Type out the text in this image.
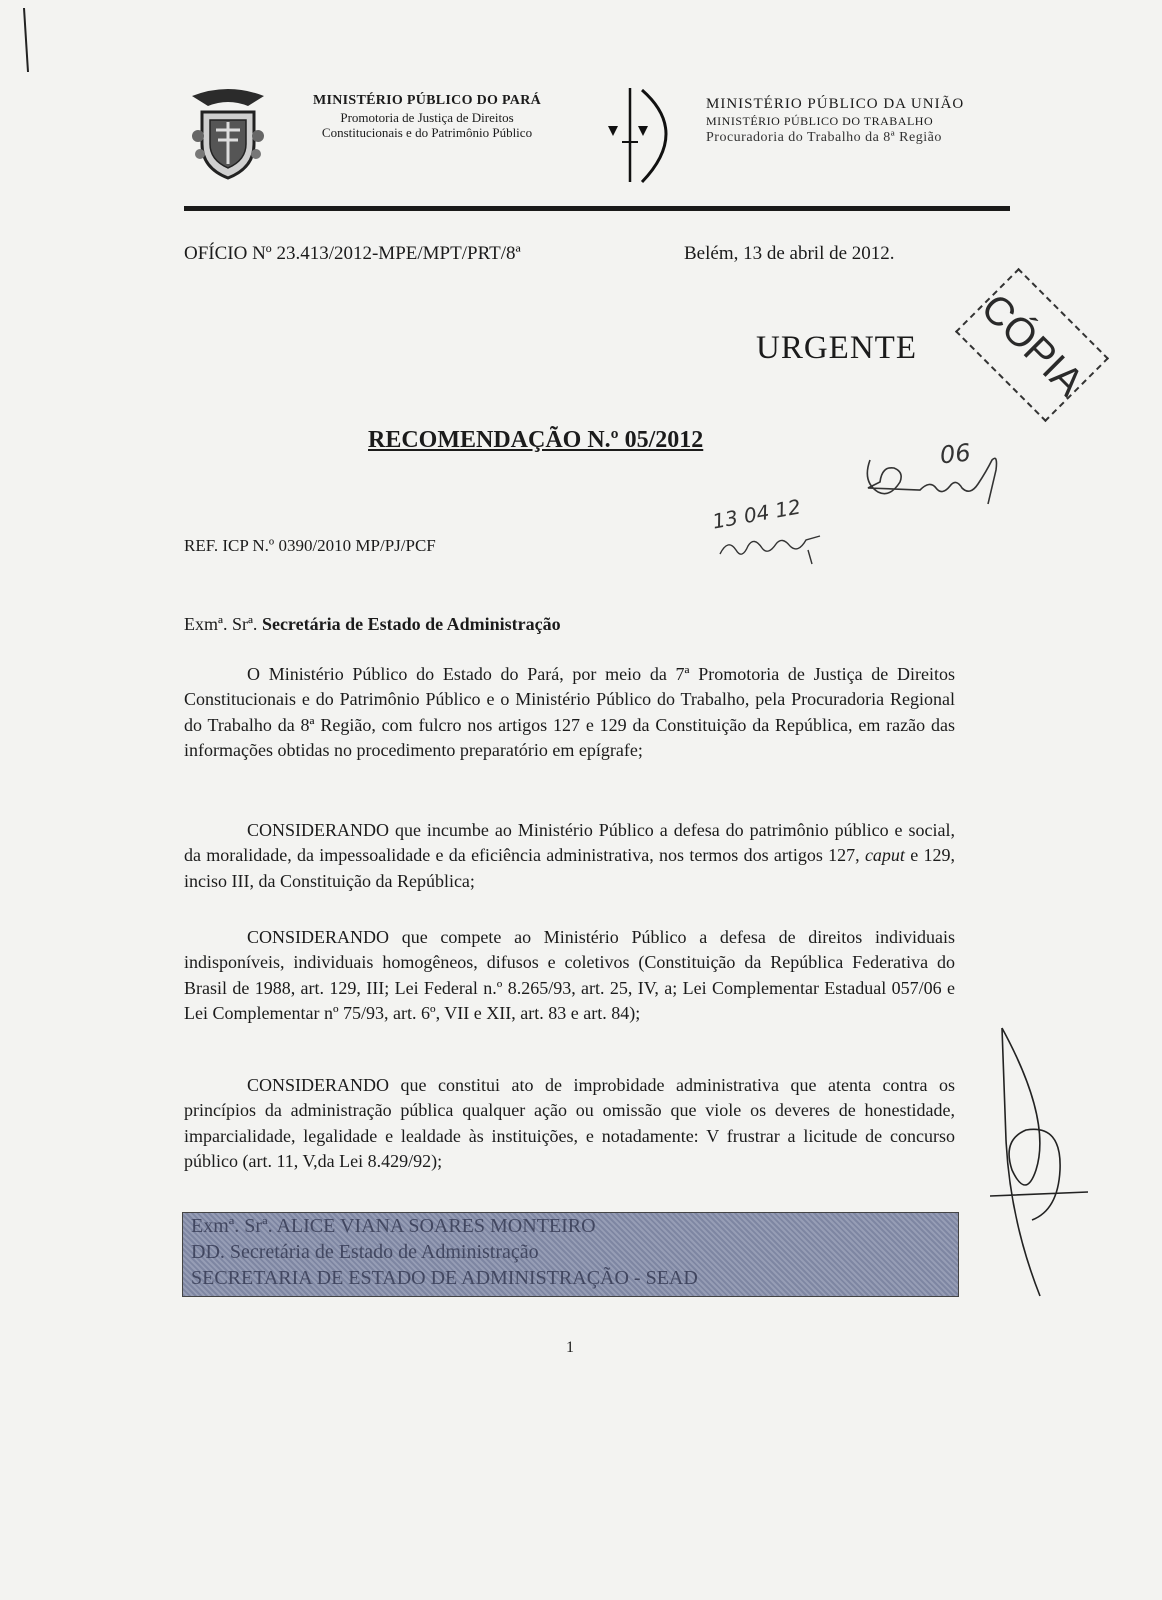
MINISTÉRIO PÚBLICO DO PARÁ
Promotoria de Justiça de Direitos
Constitucionais e do Patrimônio Público
MINISTÉRIO PÚBLICO DA UNIÃO
MINISTÉRIO PÚBLICO DO TRABALHO
Procuradoria do Trabalho da 8ª Região
OFÍCIO Nº 23.413/2012-MPE/MPT/PRT/8ª	Belém, 13 de abril de 2012.
URGENTE	CÓPIA
RECOMENDAÇÃO N.º 05/2012	06
REF. ICP N.º 0390/2010 MP/PJ/PCF
13 04 12
Exmª. Srª. Secretária de Estado de Administração

O Ministério Público do Estado do Pará, por meio da 7ª Promotoria de Justiça de Direitos Constitucionais e do Patrimônio Público e o Ministério Público do Trabalho, pela Procuradoria Regional do Trabalho da 8ª Região, com fulcro nos artigos 127 e 129 da Constituição da República, em razão das informações obtidas no procedimento preparatório em epígrafe;

CONSIDERANDO que incumbe ao Ministério Público a defesa do patrimônio público e social, da moralidade, da impessoalidade e da eficiência administrativa, nos termos dos artigos 127, caput e 129, inciso III, da Constituição da República;

CONSIDERANDO que compete ao Ministério Público a defesa de direitos individuais indisponíveis, individuais homogêneos, difusos e coletivos (Constituição da República Federativa do Brasil de 1988, art. 129, III; Lei Federal n.º 8.265/93, art. 25, IV, a; Lei Complementar Estadual 057/06 e Lei Complementar nº 75/93, art. 6º, VII e XII, art. 83 e art. 84);

CONSIDERANDO que constitui ato de improbidade administrativa que atenta contra os princípios da administração pública qualquer ação ou omissão que viole os deveres de honestidade, imparcialidade, legalidade e lealdade às instituições, e notadamente: V frustrar a licitude de concurso público (art. 11, V,da Lei 8.429/92);

Exmª. Srª. ALICE VIANA SOARES MONTEIRO
DD. Secretária de Estado de Administração
SECRETARIA DE ESTADO DE ADMINISTRAÇÃO - SEAD
1
